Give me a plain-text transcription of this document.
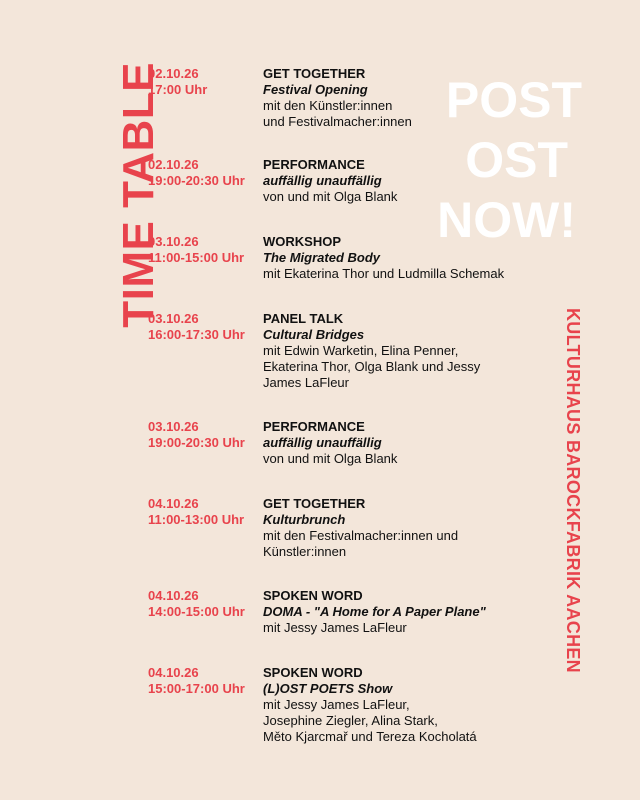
TIME TABLE	POST
OST
NOW!
KULTURHAUS BAROCKFABRIK AACHEN
02.10.26
17:00 Uhr
GET TOGETHER
Festival Opening
mit den Künstler:innen
und Festivalmacher:innen
02.10.26
19:00-20:30 Uhr
PERFORMANCE
auffällig unauffällig
von und mit Olga Blank
03.10.26
11:00-15:00 Uhr
WORKSHOP
The Migrated Body
mit Ekaterina Thor und Ludmilla Schemak
03.10.26
16:00-17:30 Uhr
PANEL TALK
Cultural Bridges
mit Edwin Warketin, Elina Penner,
Ekaterina Thor, Olga Blank und Jessy
James LaFleur
03.10.26
19:00-20:30 Uhr
PERFORMANCE
auffällig unauffällig
von und mit Olga Blank
04.10.26
11:00-13:00 Uhr
GET TOGETHER
Kulturbrunch
mit den Festivalmacher:innen und
Künstler:innen
04.10.26
14:00-15:00 Uhr
SPOKEN WORD
DOMA - "A Home for A Paper Plane"
mit Jessy James LaFleur
04.10.26
15:00-17:00 Uhr
SPOKEN WORD
(L)OST POETS Show
mit Jessy James LaFleur,
Josephine Ziegler, Alina Stark,
Měto Kjarcmař und Tereza Kocholatá
